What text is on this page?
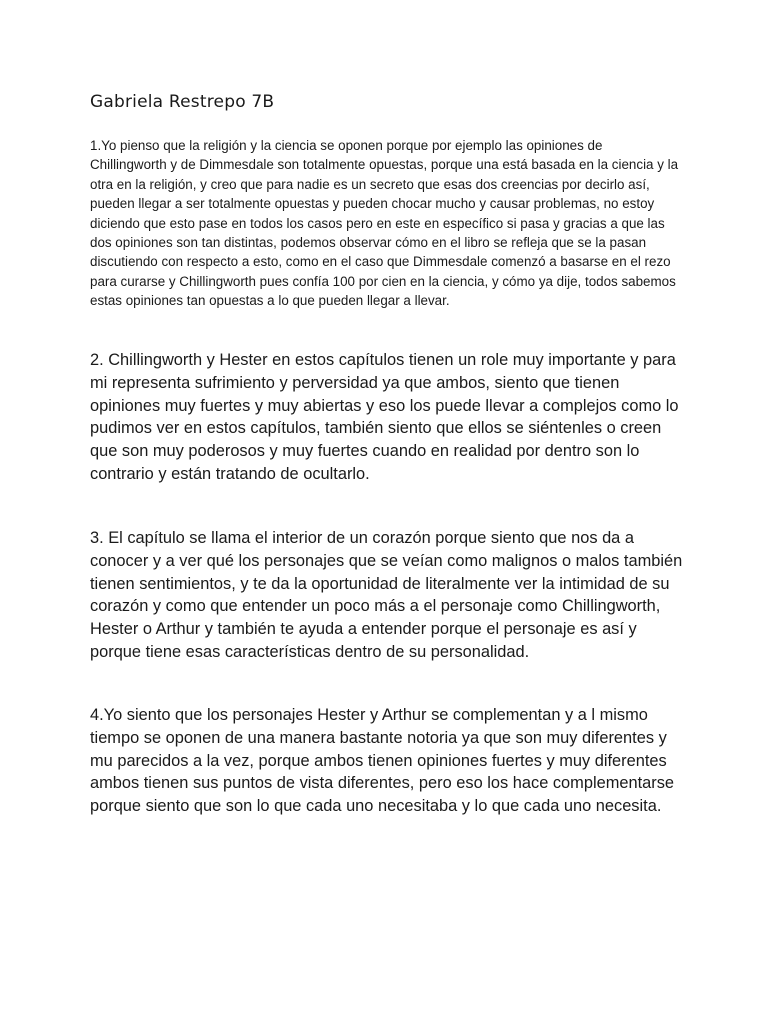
Gabriela Restrepo 7B

1.Yo pienso que la religión y la ciencia se oponen porque por ejemplo las opiniones de Chillingworth y de Dimmesdale son totalmente opuestas, porque una está basada en la ciencia y la otra en la religión, y creo que para nadie es un secreto que esas dos creencias por decirlo así, pueden llegar a ser totalmente opuestas y pueden chocar mucho y causar problemas, no estoy diciendo que esto pase en todos los casos pero en este en específico si pasa y gracias a que las dos opiniones son tan distintas, podemos observar cómo en el libro se refleja que se la pasan discutiendo con respecto a esto, como en el caso que Dimmesdale comenzó a basarse en el rezo para curarse y Chillingworth pues confía 100 por cien en la ciencia, y cómo ya dije, todos sabemos estas opiniones tan opuestas a lo que pueden llegar a llevar.

2. Chillingworth y Hester en estos capítulos tienen un role muy importante y para mi representa sufrimiento y perversidad ya que ambos, siento que tienen opiniones muy fuertes y muy abiertas y eso los puede llevar a complejos como lo pudimos ver en estos capítulos, también siento que ellos se siéntenles o creen que son muy poderosos y muy fuertes cuando en realidad por dentro son lo contrario y están tratando de ocultarlo.

3. El capítulo se llama el interior de un corazón porque siento que nos da a conocer y a ver qué los personajes que se veían como malignos o malos también tienen sentimientos, y te da la oportunidad de literalmente ver la intimidad de su corazón y como que entender un poco más a el personaje como Chillingworth, Hester o Arthur y también te ayuda a entender porque el personaje es así y porque tiene esas características dentro de su personalidad.

4.Yo siento que los personajes Hester y Arthur se complementan y a l mismo tiempo se oponen de una manera bastante notoria ya que son muy diferentes y mu parecidos a la vez, porque ambos tienen opiniones fuertes y muy diferentes ambos tienen sus puntos de vista diferentes, pero eso los hace complementarse porque siento que son lo que cada uno necesitaba y lo que cada uno necesita.
